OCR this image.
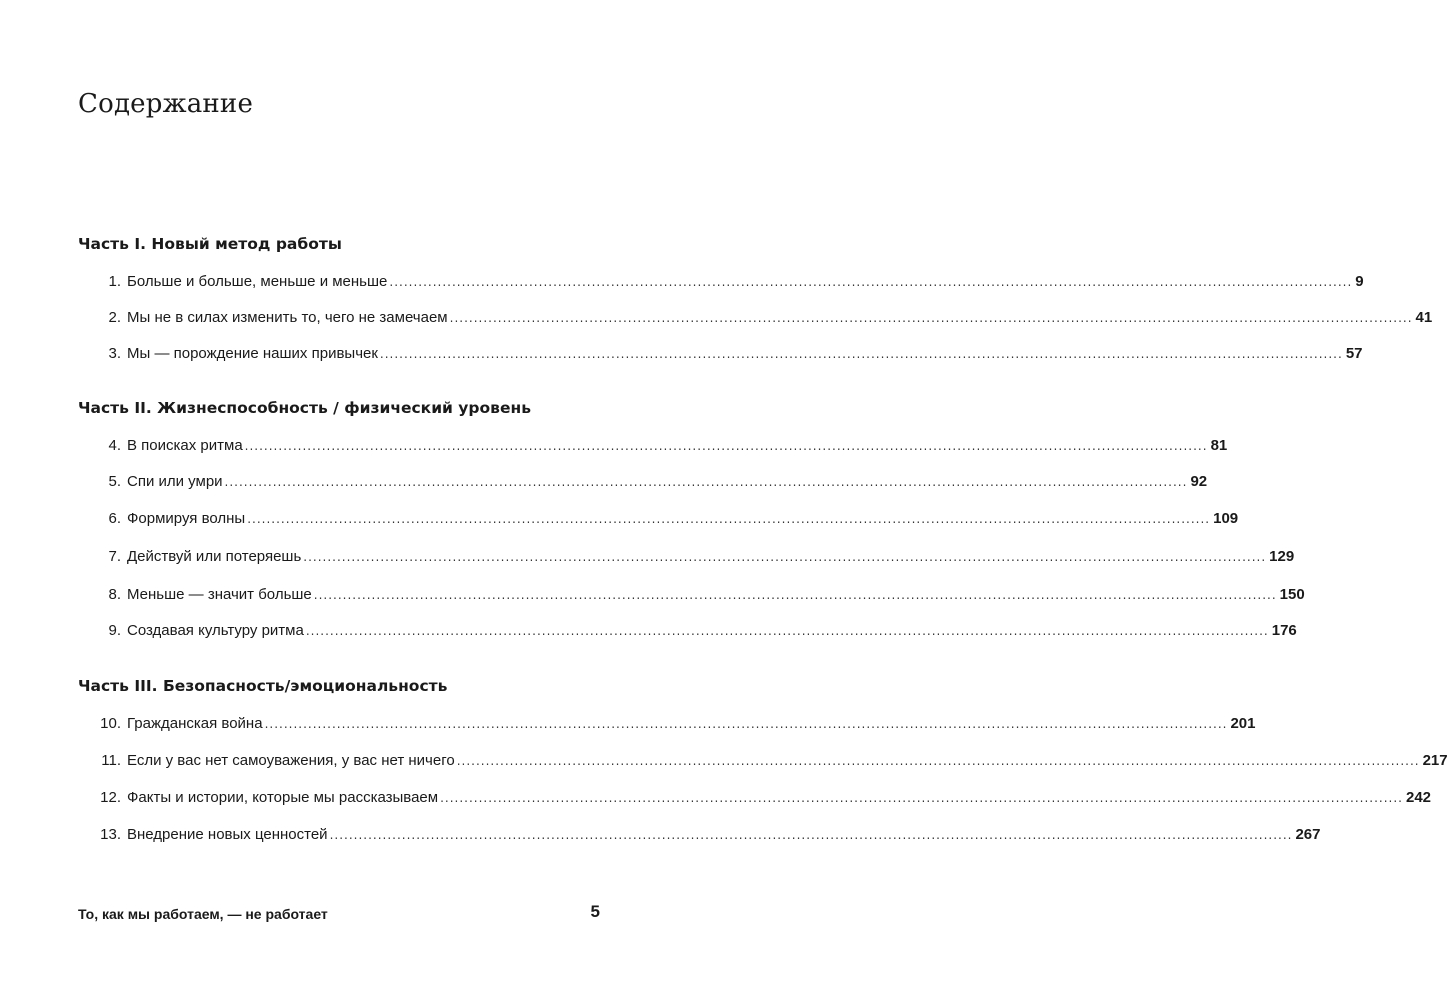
Содержание
Часть I. Новый метод работы
1. Больше и больше, меньше и меньше ........................................................................................................................................................................................................ 9
2. Мы не в силах изменить то, чего не замечаем ........................................................................................................................................................................................................ 41
3. Мы — порождение наших привычек ........................................................................................................................................................................................................ 57
Часть II. Жизнеспособность / физический уровень
4. В поисках ритма ........................................................................................................................................................................................................ 81
5. Спи или умри ........................................................................................................................................................................................................ 92
6. Формируя волны ........................................................................................................................................................................................................ 109
7. Действуй или потеряешь ........................................................................................................................................................................................................ 129
8. Меньше — значит больше ........................................................................................................................................................................................................ 150
9. Создавая культуру ритма ........................................................................................................................................................................................................ 176
Часть III. Безопасность/эмоциональность
10. Гражданская война ........................................................................................................................................................................................................ 201
11. Если у вас нет самоуважения, у вас нет ничего ........................................................................................................................................................................................................ 217
12. Факты и истории, которые мы рассказываем ........................................................................................................................................................................................................ 242
13. Внедрение новых ценностей ........................................................................................................................................................................................................ 267
То, как мы работаем, — не работает	5
